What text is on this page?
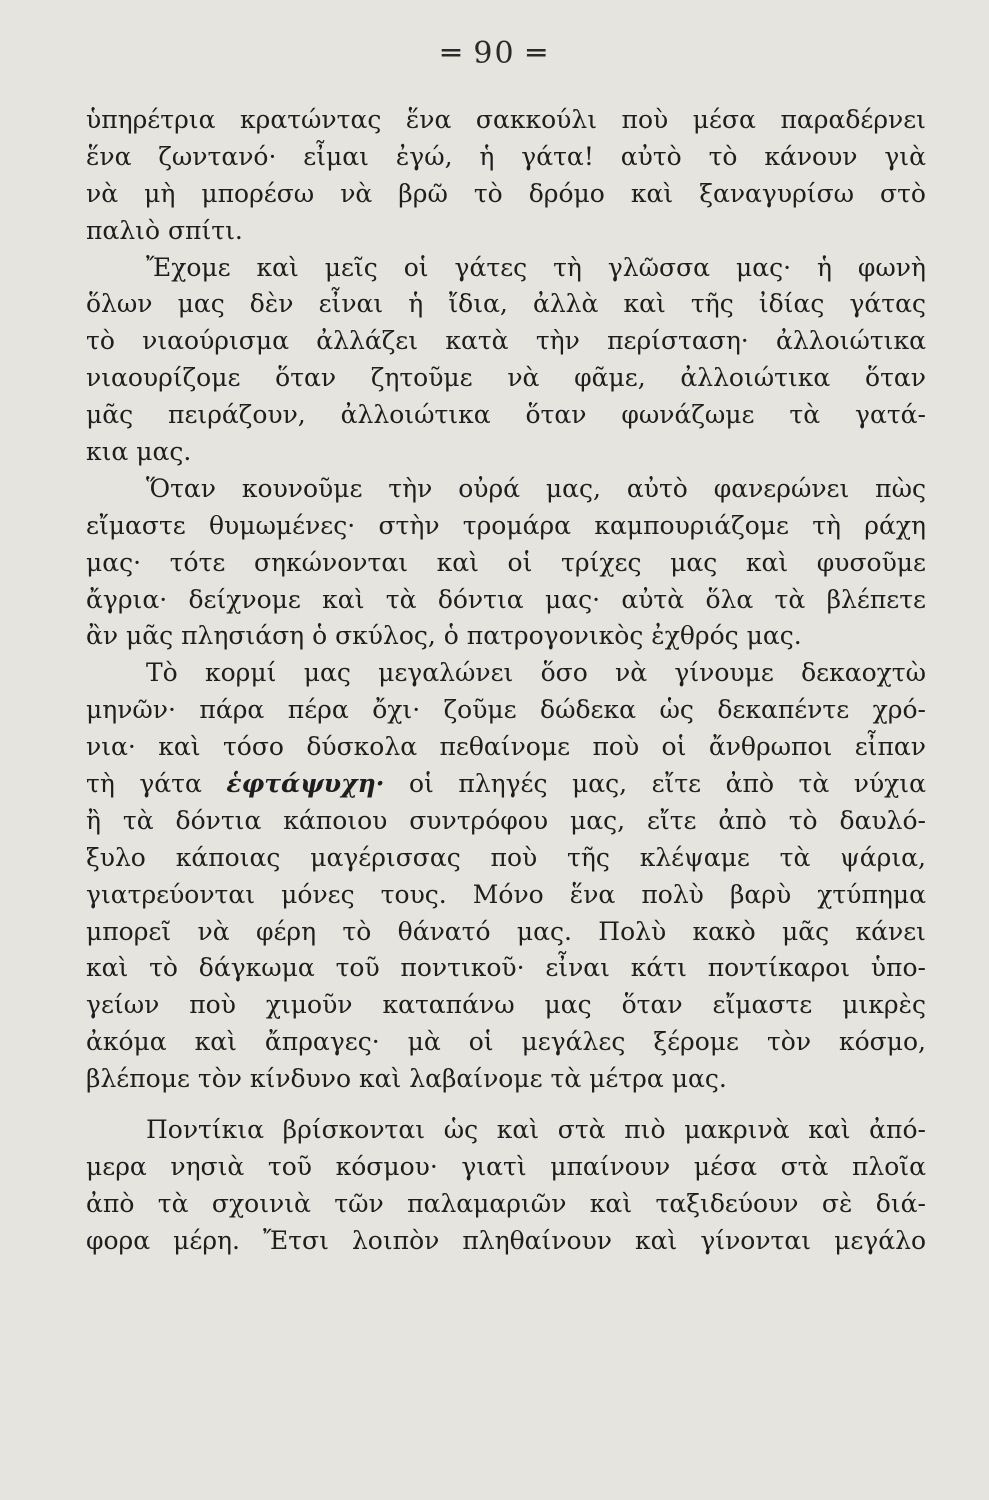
═ 90 ═
ὑπηρέτρια κρατώντας ἕνα σακκούλι ποὺ μέσα παραδέρνει
ἕνα ζωντανό· εἶμαι ἐγώ, ἡ γάτα! αὐτὸ τὸ κάνουν γιὰ
νὰ μὴ μπορέσω νὰ βρῶ τὸ δρόμο καὶ ξαναγυρίσω στὸ
παλιὸ σπίτι.
Ἔχομε καὶ μεῖς οἱ γάτες τὴ γλῶσσα μας· ἡ φωνὴ
ὅλων μας δὲν εἶναι ἡ ἴδια, ἀλλὰ καὶ τῆς ἰδίας γάτας
τὸ νιαούρισμα ἀλλάζει κατὰ τὴν περίσταση· ἀλλοιώτικα
νιαουρίζομε ὅταν ζητοῦμε νὰ φᾶμε, ἀλλοιώτικα ὅταν
μᾶς πειράζουν, ἀλλοιώτικα ὅταν φωνάζωμε τὰ γατά-
κια μας.
Ὅταν κουνοῦμε τὴν οὐρά μας, αὐτὸ φανερώνει πὼς
εἴμαστε θυμωμένες· στὴν τρομάρα καμπουριάζομε τὴ ράχη
μας· τότε σηκώνονται καὶ οἱ τρίχες μας καὶ φυσοῦμε
ἄγρια· δείχνομε καὶ τὰ δόντια μας· αὐτὰ ὅλα τὰ βλέπετε
ἂν μᾶς πλησιάση ὁ σκύλος, ὁ πατρογονικὸς ἐχθρός μας.
Τὸ κορμί μας μεγαλώνει ὅσο νὰ γίνουμε δεκαοχτὼ
μηνῶν· πάρα πέρα ὄχι· ζοῦμε δώδεκα ὡς δεκαπέντε χρό-
νια· καὶ τόσο δύσκολα πεθαίνομε ποὺ οἱ ἄνθρωποι εἶπαν
τὴ γάτα ἑφτάψυχη· οἱ πληγές μας, εἴτε ἀπὸ τὰ νύχια
ἢ τὰ δόντια κάποιου συντρόφου μας, εἴτε ἀπὸ τὸ δαυλό-
ξυλο κάποιας μαγέρισσας ποὺ τῆς κλέψαμε τὰ ψάρια,
γιατρεύονται μόνες τους. Μόνο ἕνα πολὺ βαρὺ χτύπημα
μπορεῖ νὰ φέρη τὸ θάνατό μας. Πολὺ κακὸ μᾶς κάνει
καὶ τὸ δάγκωμα τοῦ ποντικοῦ· εἶναι κάτι ποντίκαροι ὑπο-
γείων ποὺ χιμοῦν καταπάνω μας ὅταν εἴμαστε μικρὲς
ἀκόμα καὶ ἄπραγες· μὰ οἱ μεγάλες ξέρομε τὸν κόσμο,
βλέπομε τὸν κίνδυνο καὶ λαβαίνομε τὰ μέτρα μας.
Ποντίκια βρίσκονται ὡς καὶ στὰ πιὸ μακρινὰ καὶ ἀπό-
μερα νησιὰ τοῦ κόσμου· γιατὶ μπαίνουν μέσα στὰ πλοῖα
ἀπὸ τὰ σχοινιὰ τῶν παλαμαριῶν καὶ ταξιδεύουν σὲ διά-
φορα μέρη. Ἔτσι λοιπὸν πληθαίνουν καὶ γίνονται μεγάλο
